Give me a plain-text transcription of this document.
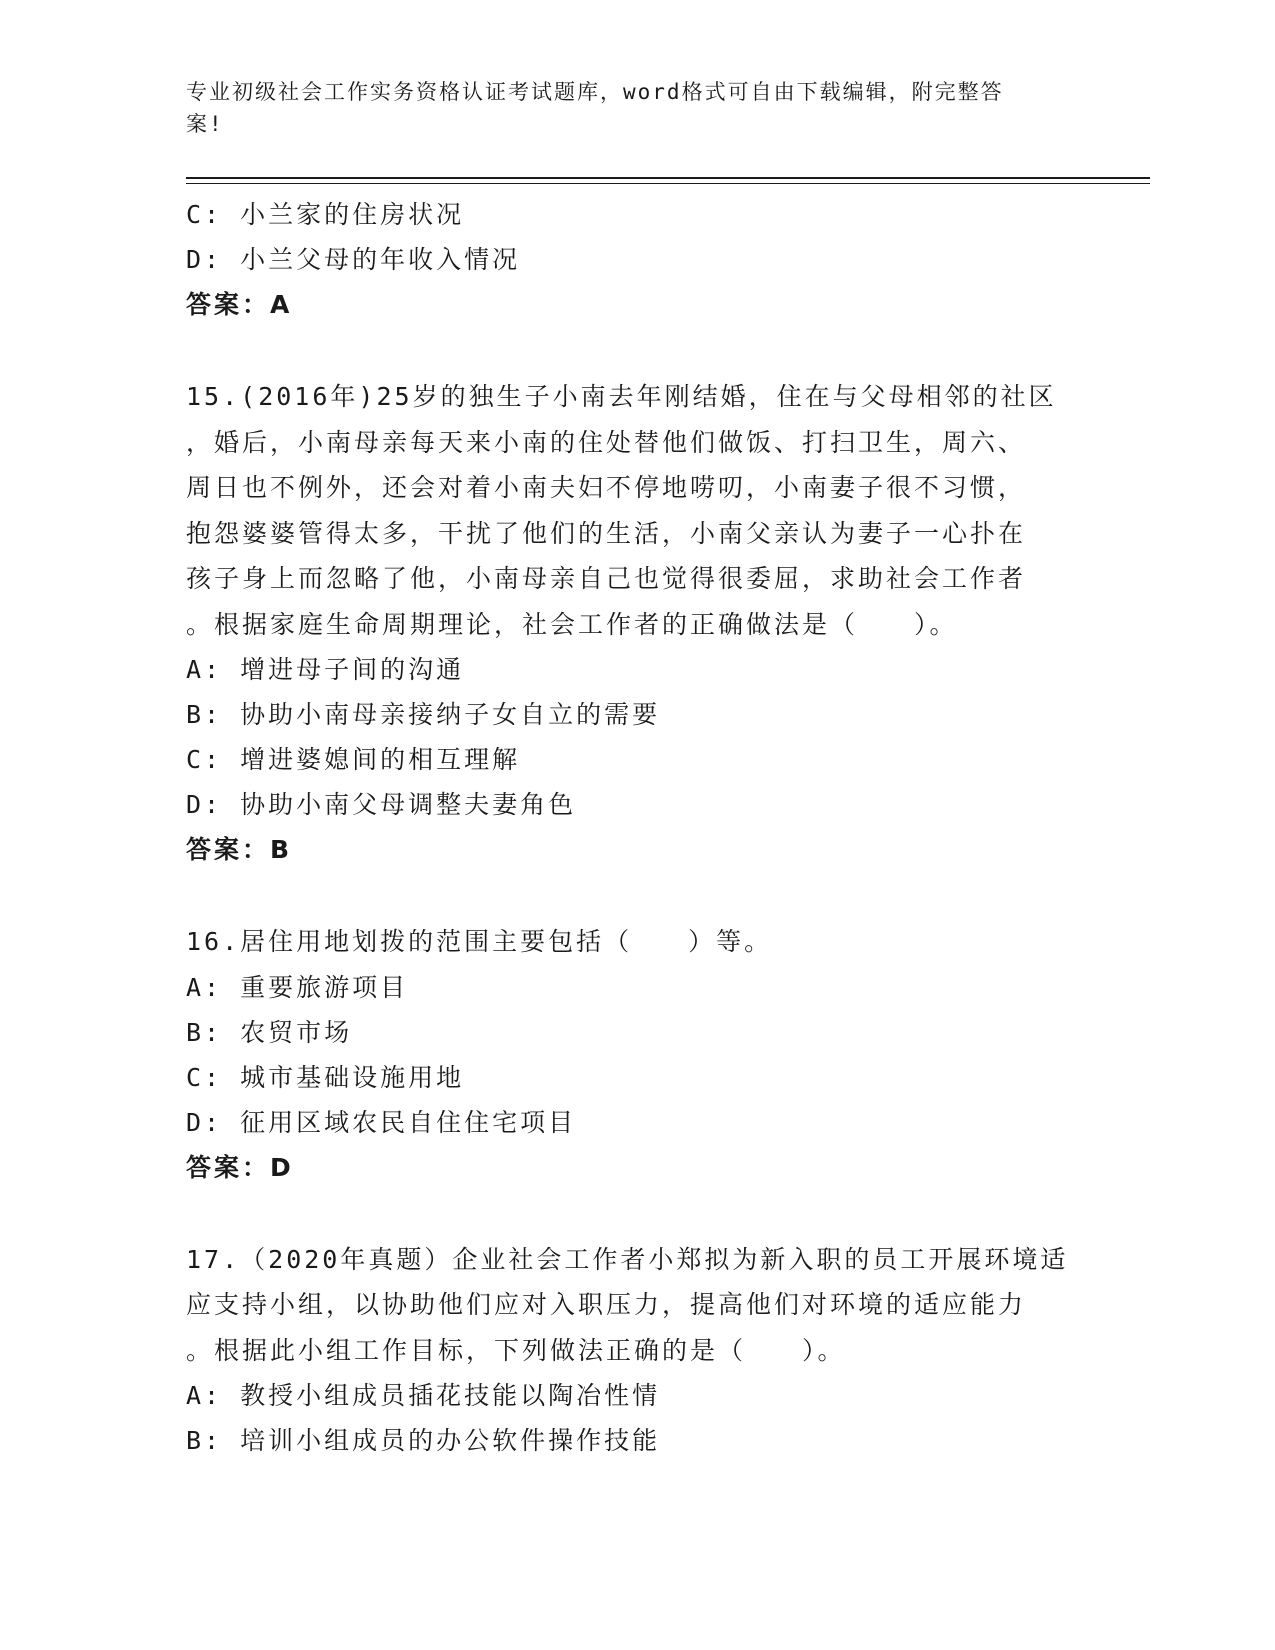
专业初级社会工作实务资格认证考试题库，word格式可自由下载编辑，附完整答
案!
C: 小兰家的住房状况
D: 小兰父母的年收入情况
答案：A
15.(2016年)25岁的独生子小南去年刚结婚，住在与父母相邻的社区
，婚后，小南母亲每天来小南的住处替他们做饭、打扫卫生，周六、
周日也不例外，还会对着小南夫妇不停地唠叨，小南妻子很不习惯，
抱怨婆婆管得太多，干扰了他们的生活，小南父亲认为妻子一心扑在
孩子身上而忽略了他，小南母亲自己也觉得很委屈，求助社会工作者
。根据家庭生命周期理论，社会工作者的正确做法是（　　）。
A: 增进母子间的沟通
B: 协助小南母亲接纳子女自立的需要
C: 增进婆媳间的相互理解
D: 协助小南父母调整夫妻角色
答案：B
16.居住用地划拨的范围主要包括（　　）等。
A: 重要旅游项目
B: 农贸市场
C: 城市基础设施用地
D: 征用区域农民自住住宅项目
答案：D
17.（2020年真题）企业社会工作者小郑拟为新入职的员工开展环境适
应支持小组，以协助他们应对入职压力，提高他们对环境的适应能力
。根据此小组工作目标，下列做法正确的是（　　）。
A: 教授小组成员插花技能以陶冶性情
B: 培训小组成员的办公软件操作技能
